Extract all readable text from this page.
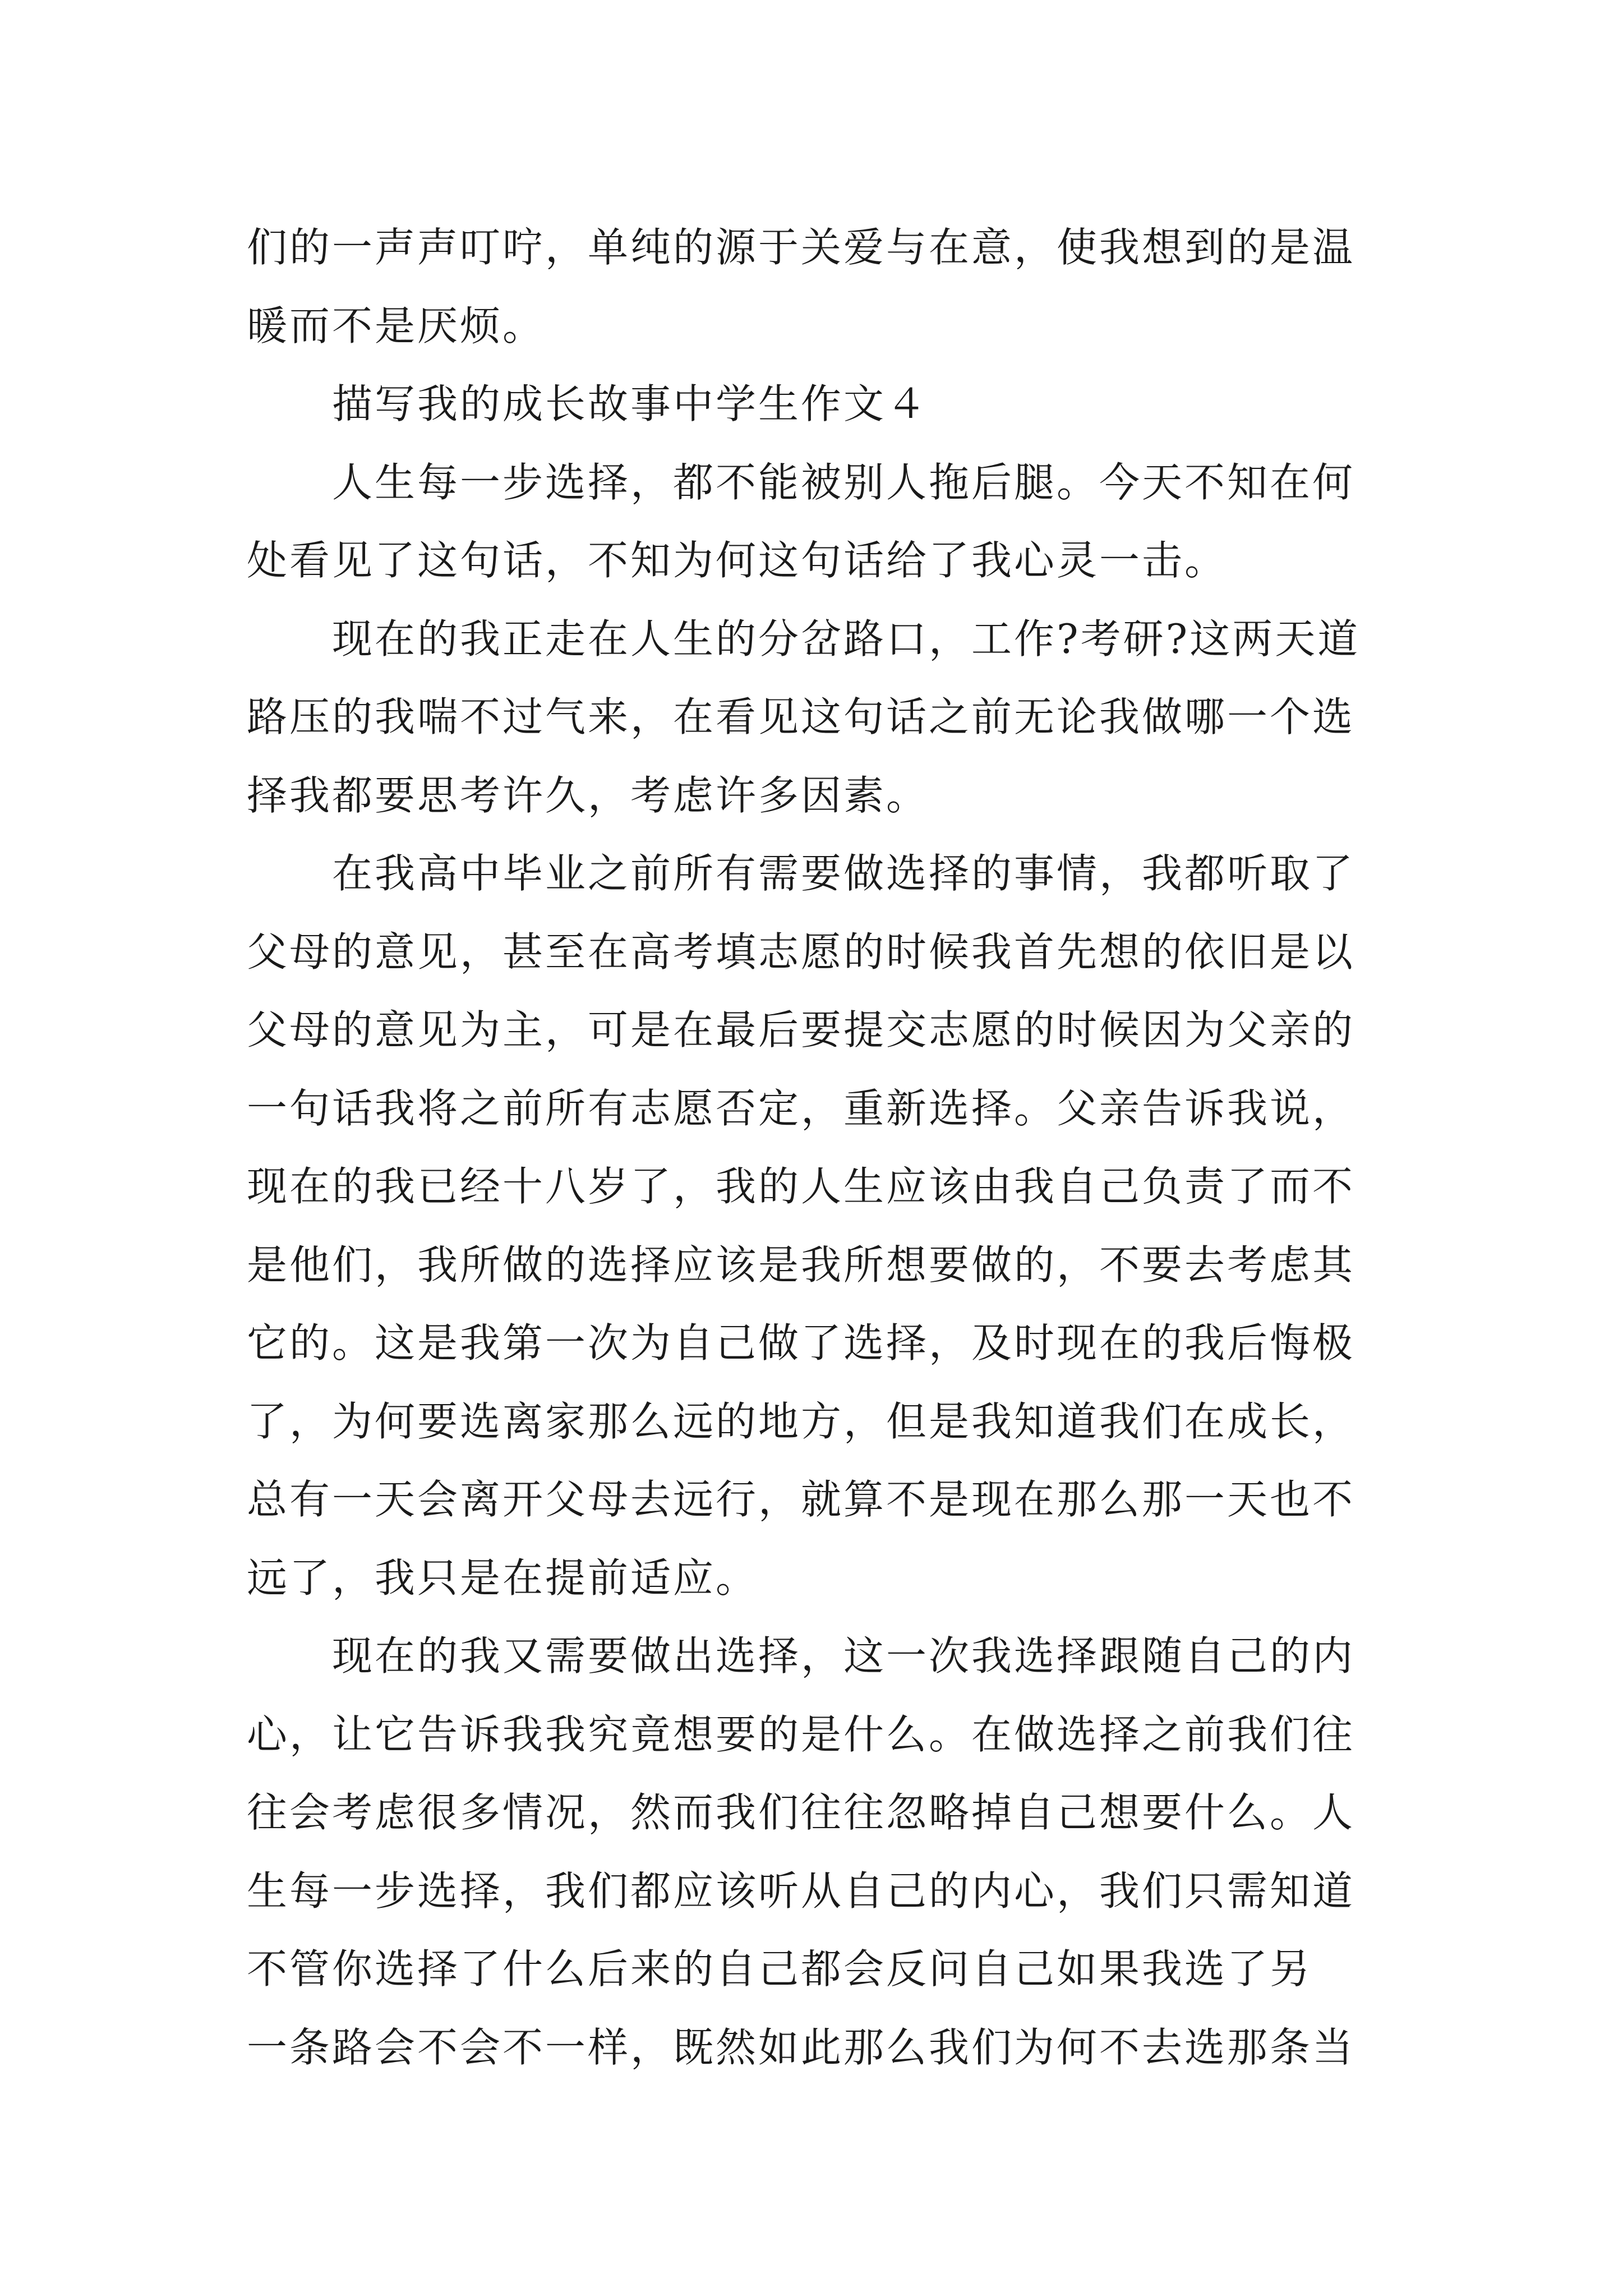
们的一声声叮咛，单纯的源于关爱与在意，使我想到的是温
暖而不是厌烦。
描写我的成长故事中学生作文４
人生每一步选择，都不能被别人拖后腿。今天不知在何
处看见了这句话，不知为何这句话给了我心灵一击。
现在的我正走在人生的分岔路口，工作?考研?这两天道
路压的我喘不过气来，在看见这句话之前无论我做哪一个选
择我都要思考许久，考虑许多因素。
在我高中毕业之前所有需要做选择的事情，我都听取了
父母的意见，甚至在高考填志愿的时候我首先想的依旧是以
父母的意见为主，可是在最后要提交志愿的时候因为父亲的
一句话我将之前所有志愿否定，重新选择。父亲告诉我说，
现在的我已经十八岁了，我的人生应该由我自己负责了而不
是他们，我所做的选择应该是我所想要做的，不要去考虑其
它的。这是我第一次为自己做了选择，及时现在的我后悔极
了，为何要选离家那么远的地方，但是我知道我们在成长，
总有一天会离开父母去远行，就算不是现在那么那一天也不
远了，我只是在提前适应。
现在的我又需要做出选择，这一次我选择跟随自己的内
心，让它告诉我我究竟想要的是什么。在做选择之前我们往
往会考虑很多情况，然而我们往往忽略掉自己想要什么。人
生每一步选择，我们都应该听从自己的内心，我们只需知道
不管你选择了什么后来的自己都会反问自己如果我选了另
一条路会不会不一样，既然如此那么我们为何不去选那条当
